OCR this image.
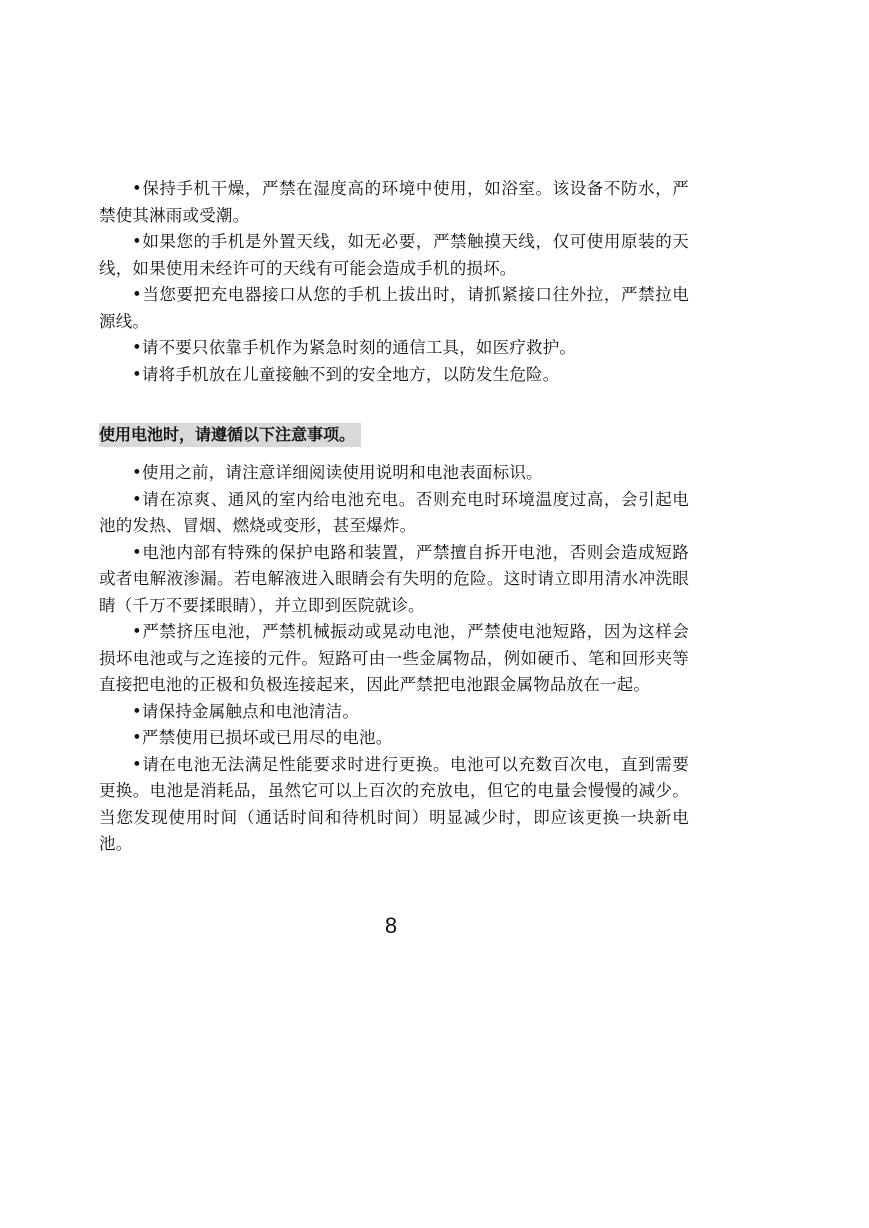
•保持手机干燥，严禁在湿度高的环境中使用，如浴室。该设备不防水，严禁使其淋雨或受潮。

•如果您的手机是外置天线，如无必要，严禁触摸天线，仅可使用原装的天线，如果使用未经许可的天线有可能会造成手机的损坏。

•当您要把充电器接口从您的手机上拔出时，请抓紧接口往外拉，严禁拉电源线。

•请不要只依靠手机作为紧急时刻的通信工具，如医疗救护。

•请将手机放在儿童接触不到的安全地方，以防发生危险。

使用电池时，请遵循以下注意事项。

•使用之前，请注意详细阅读使用说明和电池表面标识。

•请在凉爽、通风的室内给电池充电。否则充电时环境温度过高，会引起电池的发热、冒烟、燃烧或变形，甚至爆炸。

•电池内部有特殊的保护电路和装置，严禁擅自拆开电池，否则会造成短路或者电解液渗漏。若电解液进入眼睛会有失明的危险。这时请立即用清水冲洗眼睛（千万不要揉眼睛），并立即到医院就诊。

•严禁挤压电池，严禁机械振动或晃动电池，严禁使电池短路，因为这样会损坏电池或与之连接的元件。短路可由一些金属物品，例如硬币、笔和回形夹等直接把电池的正极和负极连接起来，因此严禁把电池跟金属物品放在一起。

•请保持金属触点和电池清洁。

•严禁使用已损坏或已用尽的电池。

•请在电池无法满足性能要求时进行更换。电池可以充数百次电，直到需要更换。电池是消耗品，虽然它可以上百次的充放电，但它的电量会慢慢的减少。当您发现使用时间（通话时间和待机时间）明显减少时，即应该更换一块新电池。

8
